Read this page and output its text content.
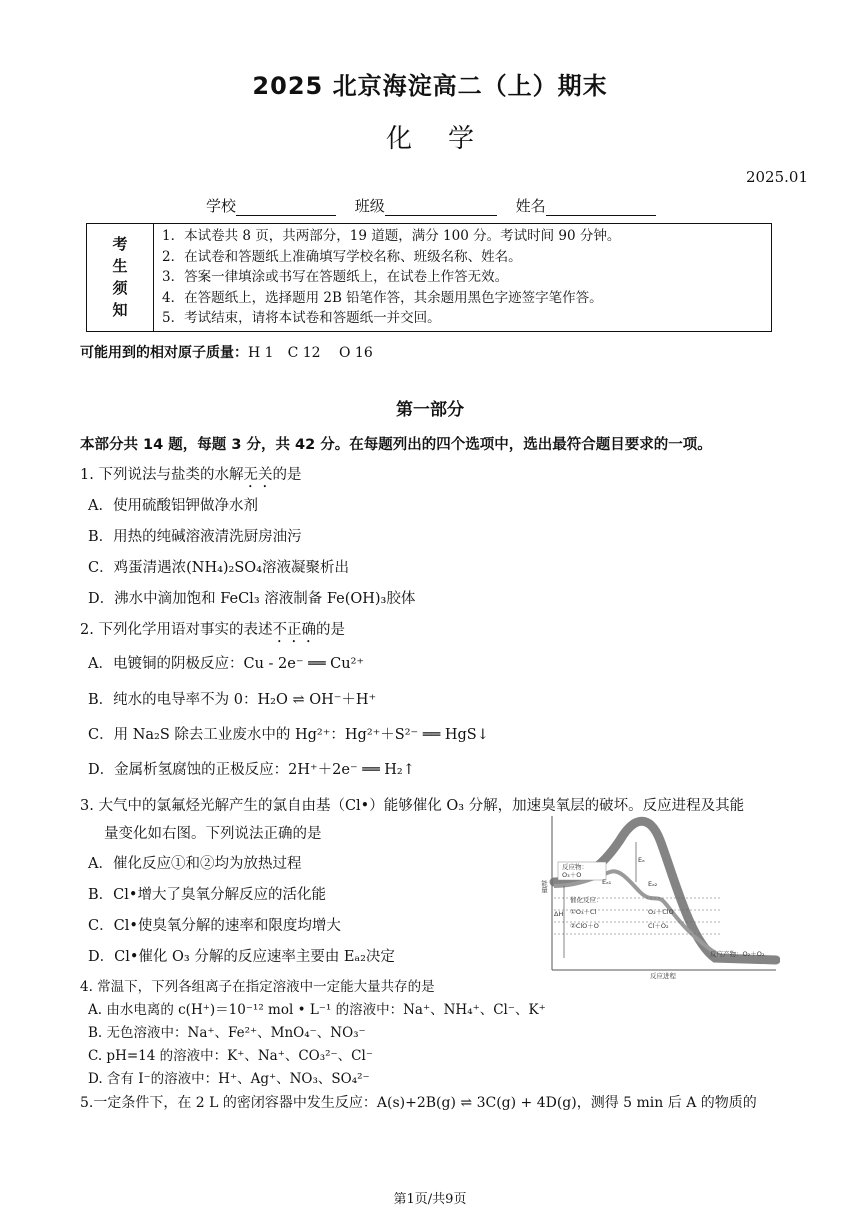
2025 北京海淀高二（上）期末
化学
2025.01
学校	班级	姓名
考
生
须
知

1．本试卷共 8 页，共两部分，19 道题，满分 100 分。考试时间 90 分钟。
2．在试卷和答题纸上准确填写学校名称、班级名称、姓名。
3．答案一律填涂或书写在答题纸上，在试卷上作答无效。
4．在答题纸上，选择题用 2B 铅笔作答，其余题用黑色字迹签字笔作答。
5．考试结束，请将本试卷和答题纸一并交回。
可能用到的相对原子质量：H 1　C 12　 O 16
第一部分
本部分共 14 题，每题 3 分，共 42 分。在每题列出的四个选项中，选出最符合题目要求的一项。
1. 下列说法与盐类的水解无关的是
A．使用硫酸铝钾做净水剂
B．用热的纯碱溶液清洗厨房油污
C．鸡蛋清遇浓(NH₄)₂SO₄溶液凝聚析出
D．沸水中滴加饱和 FeCl₃ 溶液制备 Fe(OH)₃胶体
2. 下列化学用语对事实的表述不正确的是
A．电镀铜的阴极反应：Cu - 2e⁻ ══ Cu²⁺
B．纯水的电导率不为 0：H₂O ⇌ OH⁻＋H⁺
C．用 Na₂S 除去工业废水中的 Hg²⁺：Hg²⁺＋S²⁻ ══ HgS↓
D．金属析氢腐蚀的正极反应：2H⁺＋2e⁻ ══ H₂↑
3. 大气中的氯氟烃光解产生的氯自由基（Cl•）能够催化 O₃ 分解，加速臭氧层的破坏。反应进程及其能
量变化如右图。下列说法正确的是
A．催化反应①和②均为放热过程
B．Cl•增大了臭氧分解反应的活化能
C．Cl•使臭氧分解的速率和限度均增大
D．Cl•催化 O₃ 分解的反应速率主要由 Eₐ₂决定
能量
反应进程
反应物：
O₃＋O
Eₐ
Eₐ₁	Eₐ₂
ΔH
催化反应：
①O₃＋Cl
②ClO＋O
O₂＋ClO
Cl＋O₂
反应产物：O₂＋O₂
4. 常温下，下列各组离子在指定溶液中一定能大量共存的是
A. 由水电离的 c(H⁺)＝10⁻¹² mol • L⁻¹ 的溶液中：Na⁺、NH₄⁺、Cl⁻、K⁺
B. 无色溶液中：Na⁺、Fe²⁺、MnO₄⁻、NO₃⁻
C. pH=14 的溶液中：K⁺、Na⁺、CO₃²⁻、Cl⁻
D. 含有 I⁻的溶液中：H⁺、Ag⁺、NO₃、SO₄²⁻
5.一定条件下，在 2 L 的密闭容器中发生反应：A(s)+2B(g) ⇌ 3C(g) + 4D(g)，测得 5 min 后 A 的物质的
第1页/共9页
